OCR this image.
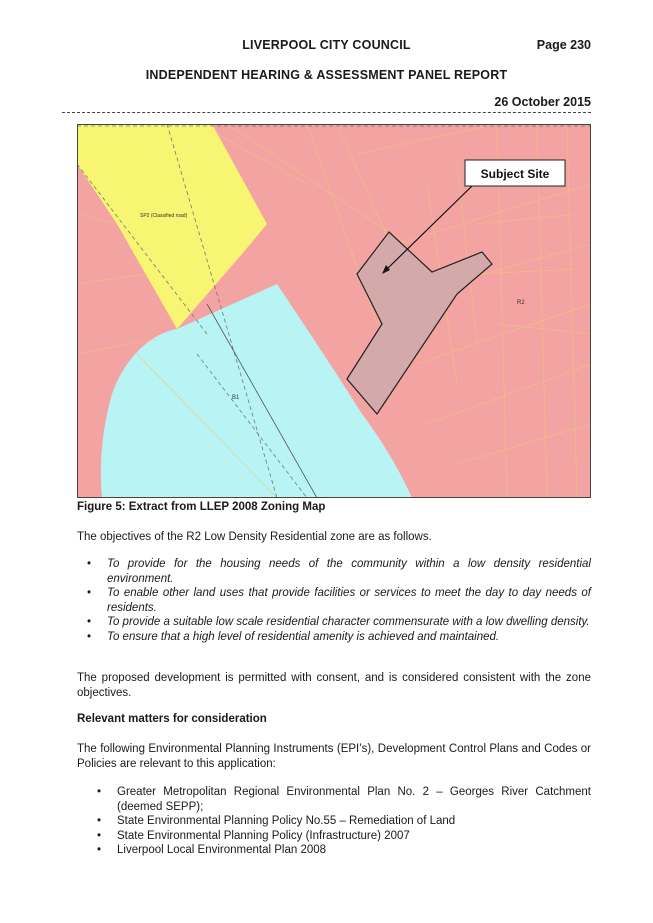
LIVERPOOL CITY COUNCIL	Page 230
INDEPENDENT HEARING & ASSESSMENT PANEL REPORT
26 October 2015
SP2 (Classified road)
B1
R2
Subject Site
Figure 5: Extract from LLEP 2008 Zoning Map

The objectives of the R2 Low Density Residential zone are as follows.

• To provide for the housing needs of the community within a low density residential environment.
• To enable other land uses that provide facilities or services to meet the day to day needs of residents.
• To provide a suitable low scale residential character commensurate with a low dwelling density.
• To ensure that a high level of residential amenity is achieved and maintained.

The proposed development is permitted with consent, and is considered consistent with the zone objectives.

Relevant matters for consideration

The following Environmental Planning Instruments (EPI’s), Development Control Plans and Codes or Policies are relevant to this application:

• Greater Metropolitan Regional Environmental Plan No. 2 – Georges River Catchment (deemed SEPP);
• State Environmental Planning Policy No.55 – Remediation of Land
• State Environmental Planning Policy (Infrastructure) 2007
• Liverpool Local Environmental Plan 2008
